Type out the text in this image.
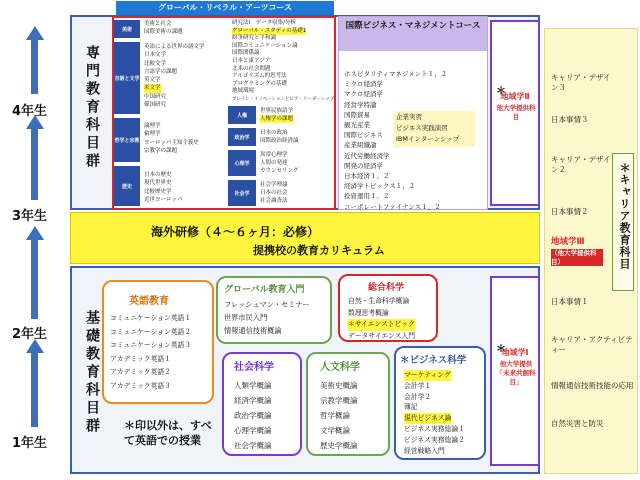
4年生
3年生
2年生
1年生
専門教育科目群
グローバル・リベラル・アーツコース
美術
美術と社会
国際美術の課題
言語と文学
英語による世界の諸文学
日本文学
比較文学
言語学の課題
英文学
米文学
中国研究
韓国研究
哲学と宗教
論理学
倫理学
ヨーロッパ主知主義史
宗教学の課題
歴史
日本の歴史
現代世界史
比較歴史学
近世ヨーロッパ
研究法Ⅰ　データ収集/分析
グローバル・スタディの基礎1
紛争研究と平和論
国際コミュニケーション論
国際関係論
日本と東アジア
北米の社会問題
アルゴリズム的思考法
プログラミングの基礎
地域環境
ブレイン・イノベーションとピア・リーダーシップ
人権
世界民族語学
人権学の課題
政治学
日本の政治
国際政治経済論
心理学
異常心理学
人間の発達
カウンセリング
社会学
社会学理論
日本の社会
社会調査法
国際ビジネス・マネジメントコース
ホスピタリティマネジメント１、２
ミクロ経済学
マクロ経済学
経営学特論
国際貿易
観光産業
国際ビジネス
産業組織論
近代労働経済学
開発の経済学
日本経済１、２
経済学トピックス１、２
投資運用１、２
コーポレートファイナンス１、２
企業実習
ビジネス実践演習
IBMインターンシップ
＊
地域学Ⅱ
他大学提供科目
海外研修（４〜６ヶ月：必修）
提携校の教育カリキュラム
基礎教育科目群
英語教育
コミュニケーション英語１
コミュニケーション英語２
コミュニケーション英語３
アカデミック英語１
アカデミック英語２
アカデミック英語３
グローバル教育入門
フレッシュマン・セミナー
世界市民入門
情報通信技術概論
総合科学
自然・生命科学概論
数理思考概論
＊サイエンストピック
データサイエンス入門
社会科学
人類学概論
経済学概論
政治学概論
心理学概論
社会学概論
人文科学
美術史概論
宗教学概論
哲学概論
文学概論
歴史学概論
＊ビジネス科学
マーケティング
会計学１
会計学２
簿記
現代ビジネス論
ビジネス実務総論１
ビジネス実務総論２
経営戦略入門
＊印以外は、すべて英語での授業
＊
地域学Ⅰ
他大学提供「未来共創科目」
キャリア・デザイン３
日本事情３
キャリア・デザイン２
日本事情２
地域学Ⅲ
（他大学提供科目）
日本事情１
キャリア・アクティビティー
情報通信技術技能の応用
自然災害と防災
＊キャリア教育科目
